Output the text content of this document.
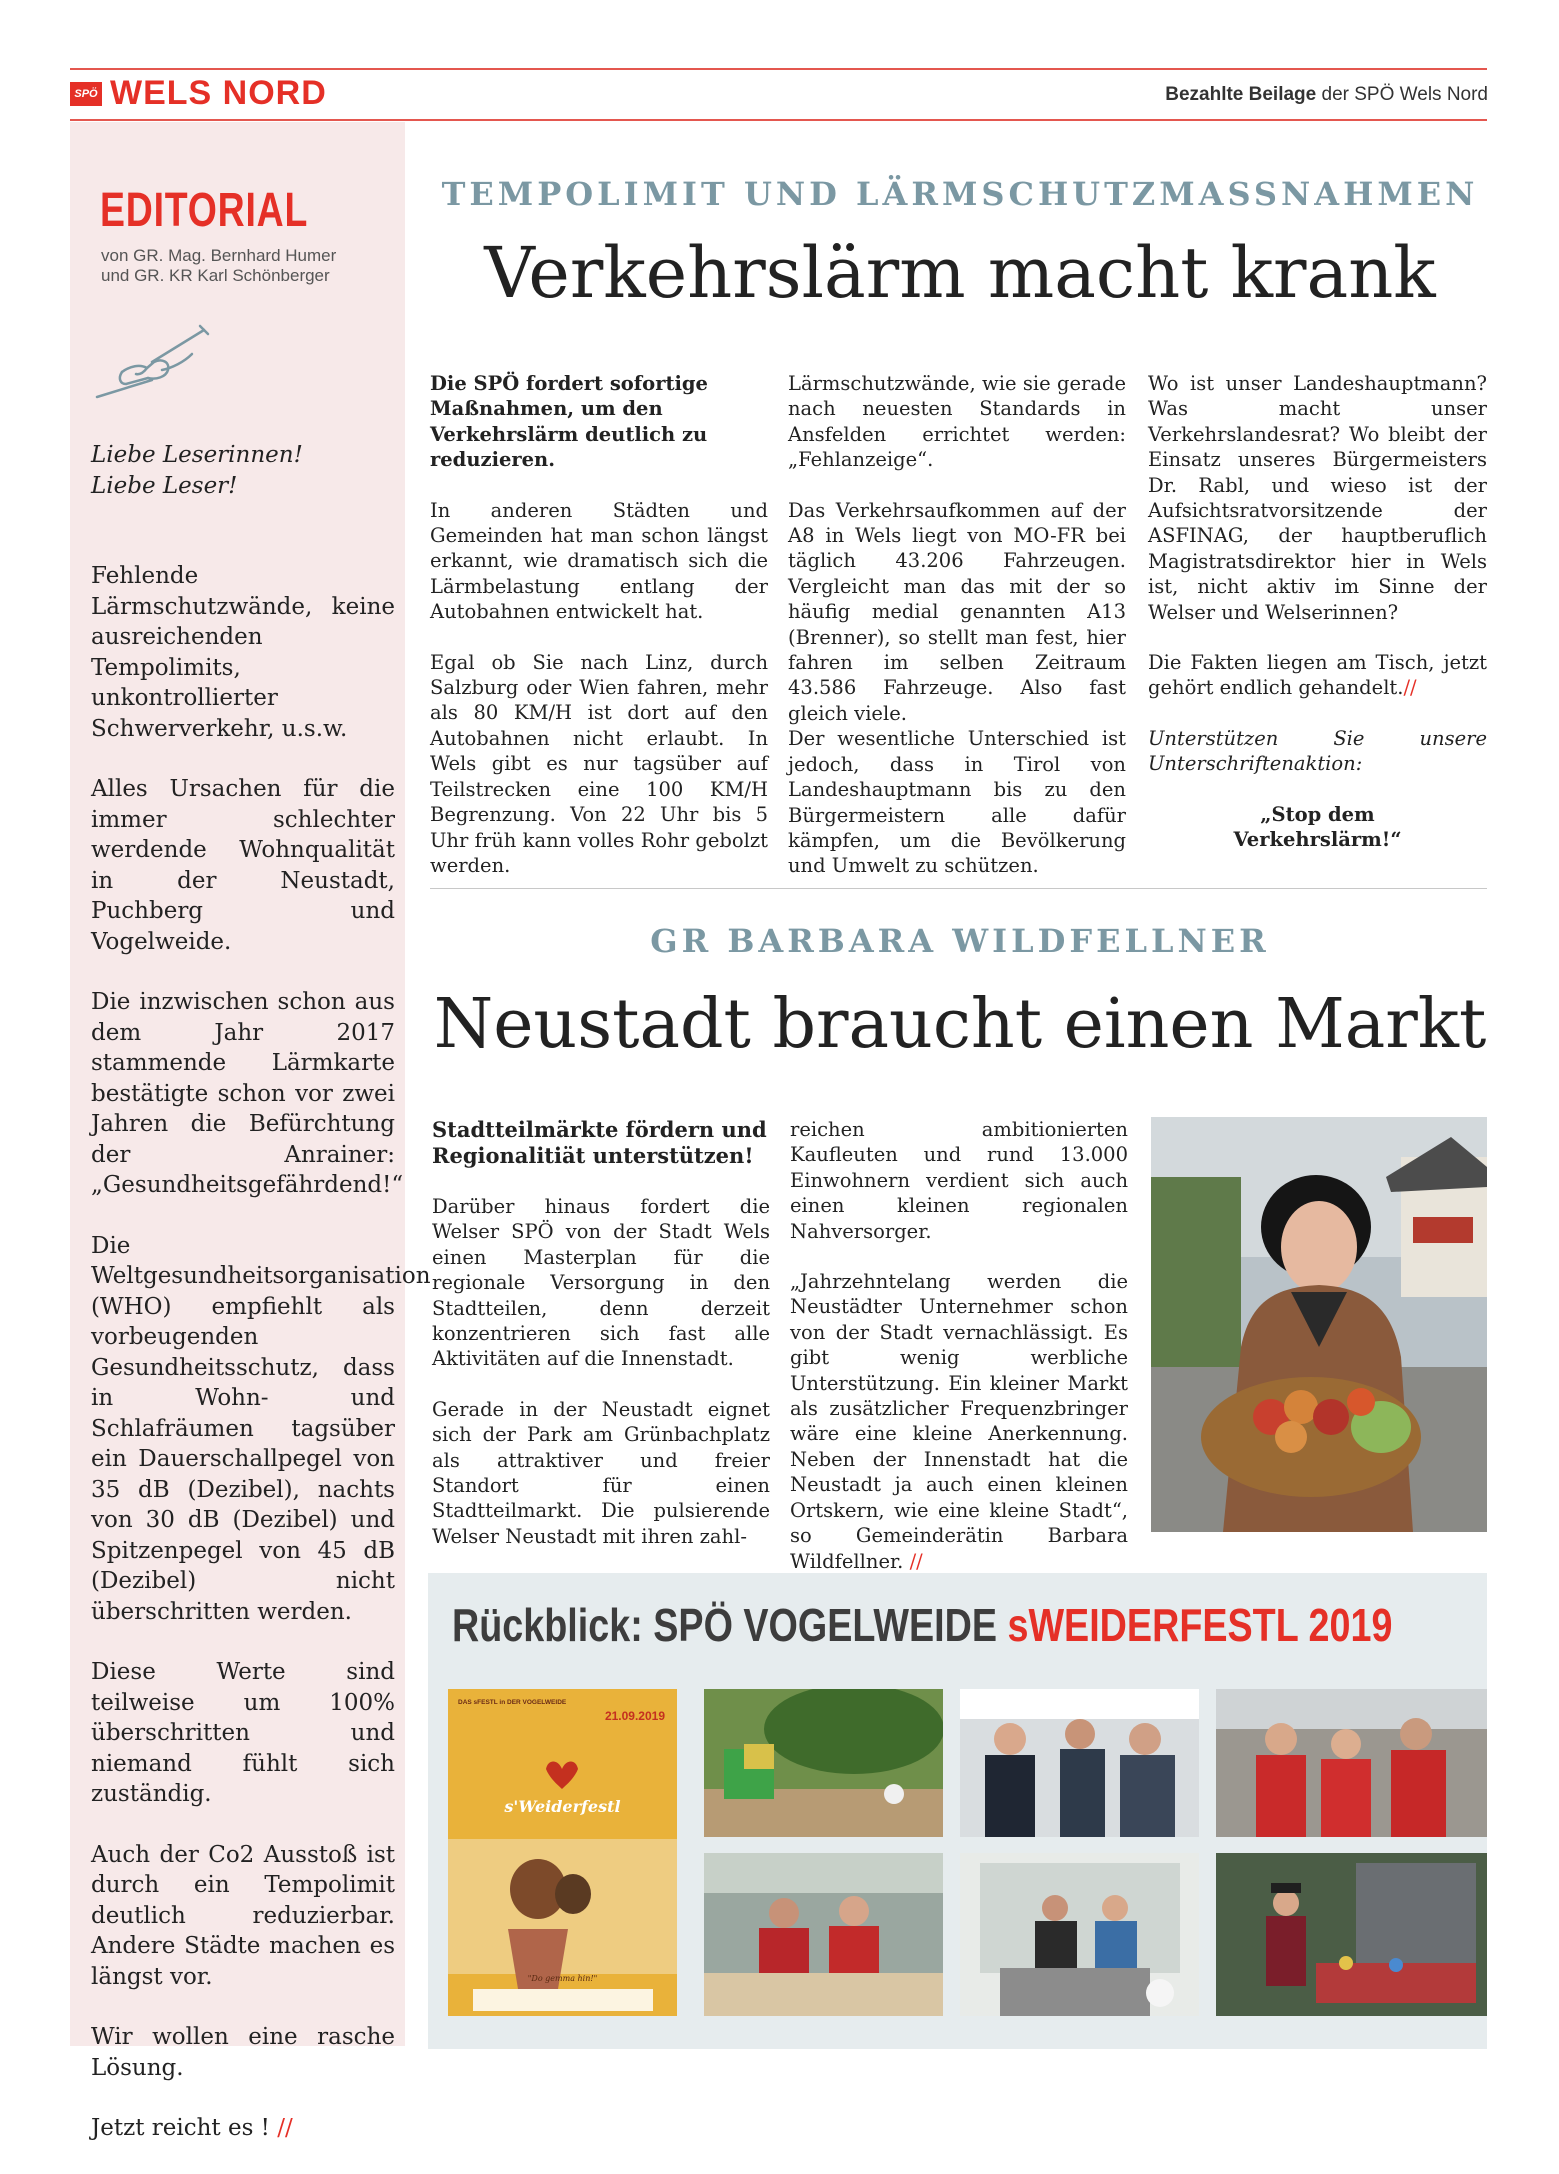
SPÖ WELS NORD	Bezahlte Beilage der SPÖ Wels Nord
EDITORIAL
von GR. Mag. Bernhard Humer
und GR. KR Karl Schönberger

Liebe Leserinnen!
Liebe Leser!

Fehlende Lärmschutzwände, keine ausreichenden Tempolimits, unkontrollierter Schwerverkehr, u.s.w.

Alles Ursachen für die immer schlechter werdende Wohnqualität in der Neustadt, Puchberg und Vogelweide.

Die inzwischen schon aus dem Jahr 2017 stammende Lärmkarte bestätigte schon vor zwei Jahren die Befürchtung der Anrainer: „Gesundheitsgefährdend!“

Die Weltgesundheitsorganisation (WHO) empfiehlt als vorbeugenden Gesundheitsschutz, dass in Wohn- und Schlafräumen tagsüber ein Dauerschallpegel von 35 dB (Dezibel), nachts von 30 dB (Dezibel) und Spitzenpegel von 45 dB (Dezibel) nicht überschritten werden.

Diese Werte sind teilweise um 100% überschritten und niemand fühlt sich zuständig.

Auch der Co2 Ausstoß ist durch ein Tempolimit deutlich reduzierbar. Andere Städte machen es längst vor.

Wir wollen eine rasche Lösung.

Jetzt reicht es ! //

TEMPOLIMIT UND LÄRMSCHUTZMASSNAHMEN
Verkehrslärm macht krank

Die SPÖ fordert sofortige Maßnahmen, um den Verkehrslärm deutlich zu reduzieren.

In anderen Städten und Gemeinden hat man schon längst erkannt, wie dramatisch sich die Lärmbelastung entlang der Autobahnen entwickelt hat.

Egal ob Sie nach Linz, durch Salzburg oder Wien fahren, mehr als 80 KM/H ist dort auf den Autobahnen nicht erlaubt. In Wels gibt es nur tagsüber auf Teilstrecken eine 100 KM/H Begrenzung. Von 22 Uhr bis 5 Uhr früh kann volles Rohr gebolzt werden.

Lärmschutzwände, wie sie gerade nach neuesten Standards in Ansfelden errichtet werden: „Fehlanzeige“.

Das Verkehrsaufkommen auf der A8 in Wels liegt von MO-FR bei täglich 43.206 Fahrzeugen. Vergleicht man das mit der so häufig medial genannten A13 (Brenner), so stellt man fest, hier fahren im selben Zeitraum 43.586 Fahrzeuge. Also fast gleich viele.

Der wesentliche Unterschied ist jedoch, dass in Tirol von Landeshauptmann bis zu den Bürgermeistern alle dafür kämpfen, um die Bevölkerung und Umwelt zu schützen.

Wo ist unser Landeshauptmann? Was macht unser Verkehrslandesrat? Wo bleibt der Einsatz unseres Bürgermeisters Dr. Rabl, und wieso ist der Aufsichtsratvorsitzende der ASFINAG, der hauptberuflich Magistratsdirektor hier in Wels ist, nicht aktiv im Sinne der Welser und Welserinnen?

Die Fakten liegen am Tisch, jetzt gehört endlich gehandelt.//

Unterstützen Sie unsere Unterschriftenaktion:

„Stop dem
Verkehrslärm!“

GR BARBARA WILDFELLNER
Neustadt braucht einen Markt

Stadtteilmärkte fördern und Regionalitiät unterstützen!

Darüber hinaus fordert die Welser SPÖ von der Stadt Wels einen Masterplan für die regionale Versorgung in den Stadtteilen, denn derzeit konzentrieren sich fast alle Aktivitäten auf die Innenstadt.

Gerade in der Neustadt eignet sich der Park am Grünbachplatz als attraktiver und freier Standort für einen Stadtteilmarkt. Die pulsierende Welser Neustadt mit ihren zahl-

reichen ambitionierten Kaufleuten und rund 13.000 Einwohnern verdient sich auch einen kleinen regionalen Nahversorger.

„Jahrzehntelang werden die Neustädter Unternehmer schon von der Stadt vernachlässigt. Es gibt wenig werbliche Unterstützung. Ein kleiner Markt als zusätzlicher Frequenzbringer wäre eine kleine Anerkennung. Neben der Innenstadt hat die Neustadt ja auch einen kleinen Ortskern, wie eine kleine Stadt“, so Gemeinderätin Barbara Wildfellner. //

Rückblick: SPÖ VOGELWEIDE sWEIDERFESTL 2019
DAS sFESTL in DER VOGELWEIDE
21.09.2019
s'Weiderfestl
"Do gemma hin!"
